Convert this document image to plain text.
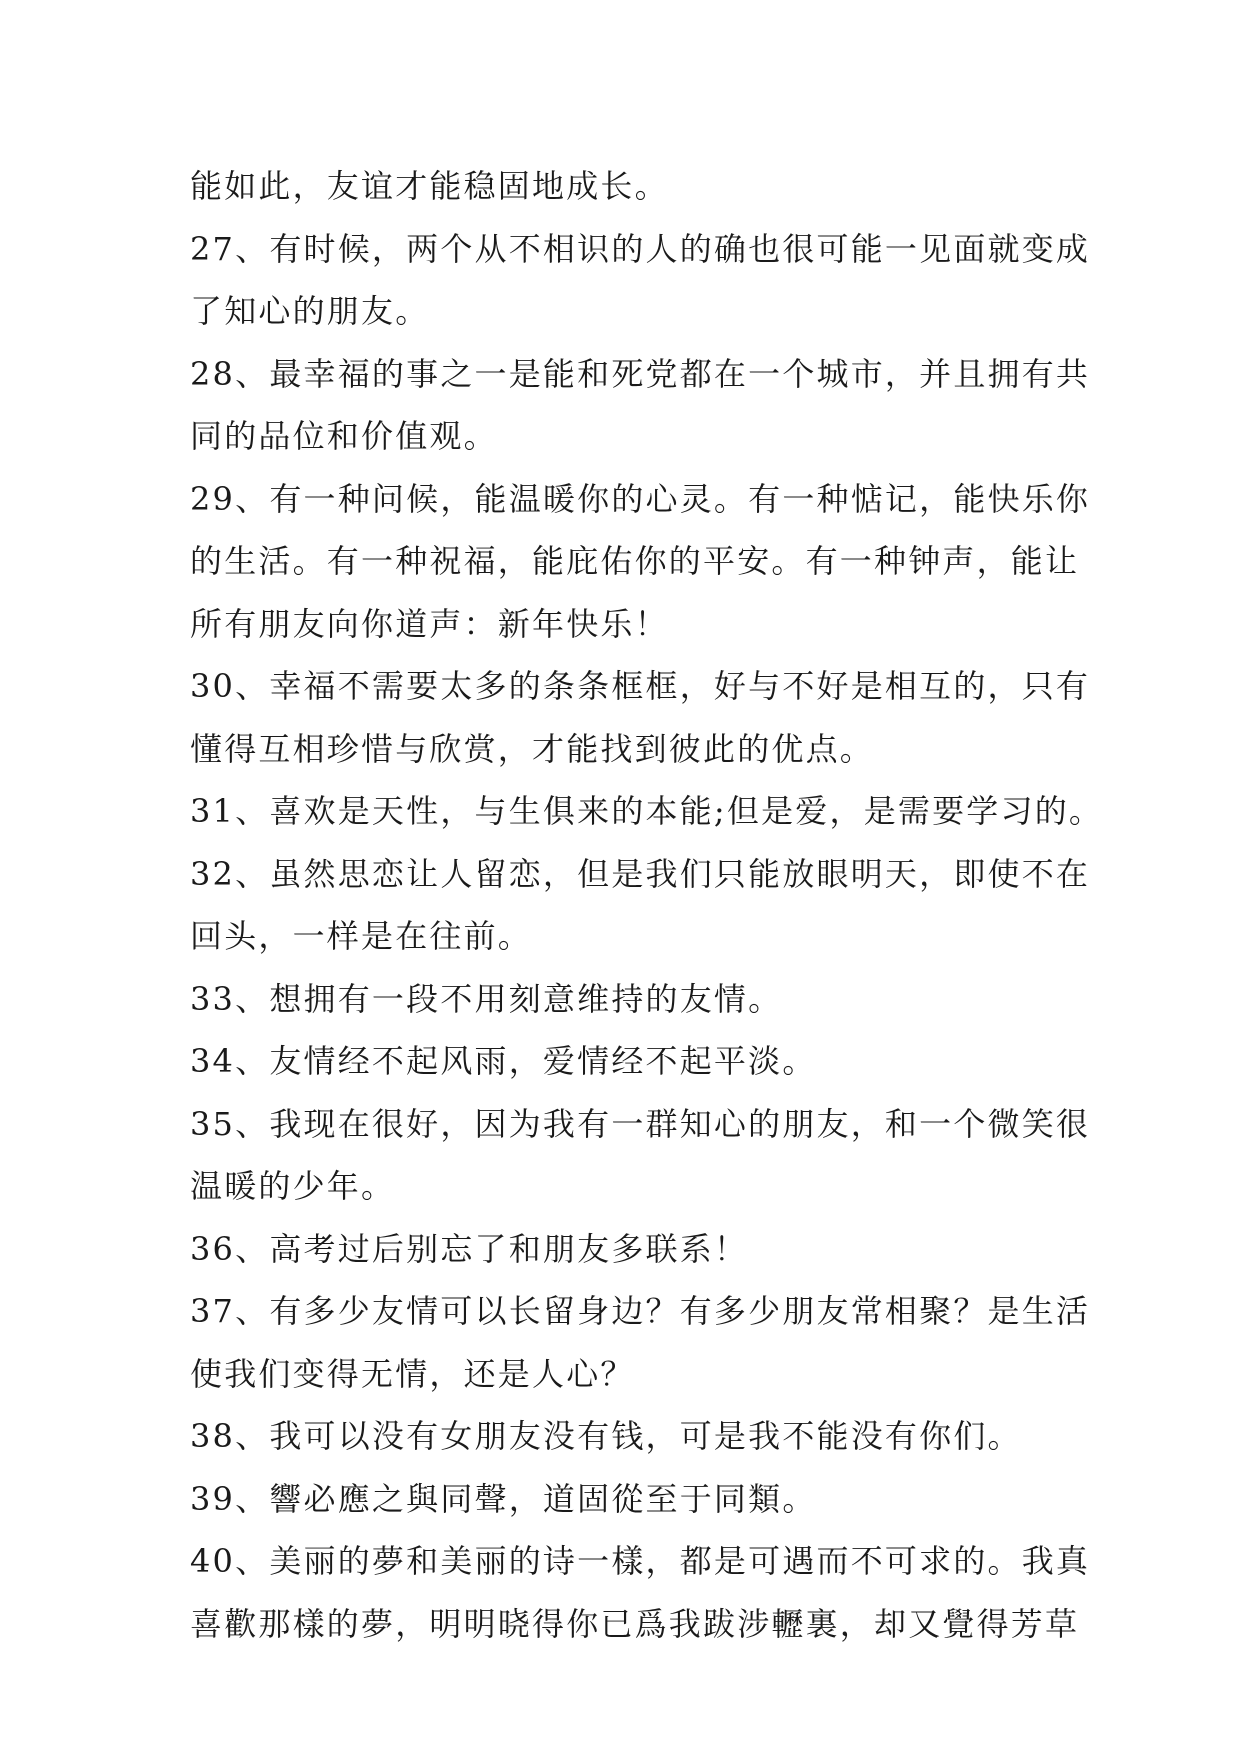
能如此，友谊才能稳固地成长。
27、有时候，两个从不相识的人的确也很可能一见面就变成
了知心的朋友。
28、最幸福的事之一是能和死党都在一个城市，并且拥有共
同的品位和价值观。
29、有一种问候，能温暖你的心灵。有一种惦记，能快乐你
的生活。有一种祝福，能庇佑你的平安。有一种钟声，能让
所有朋友向你道声：新年快乐！
30、幸福不需要太多的条条框框，好与不好是相互的，只有
懂得互相珍惜与欣赏，才能找到彼此的优点。
31、喜欢是天性，与生俱来的本能;但是爱，是需要学习的。
32、虽然思恋让人留恋，但是我们只能放眼明天，即使不在
回头，一样是在往前。
33、想拥有一段不用刻意维持的友情。
34、友情经不起风雨，爱情经不起平淡。
35、我现在很好，因为我有一群知心的朋友，和一个微笑很
温暖的少年。
36、高考过后别忘了和朋友多联系！
37、有多少友情可以长留身边？有多少朋友常相聚？是生活
使我们变得无情，还是人心？
38、我可以没有女朋友没有钱，可是我不能没有你们。
39、響必應之與同聲，道固從至于同類。
40、美丽的夢和美丽的诗一樣，都是可遇而不可求的。我真
喜歡那樣的夢，明明晓得你已爲我跋涉轣裏，却又覺得芳草
